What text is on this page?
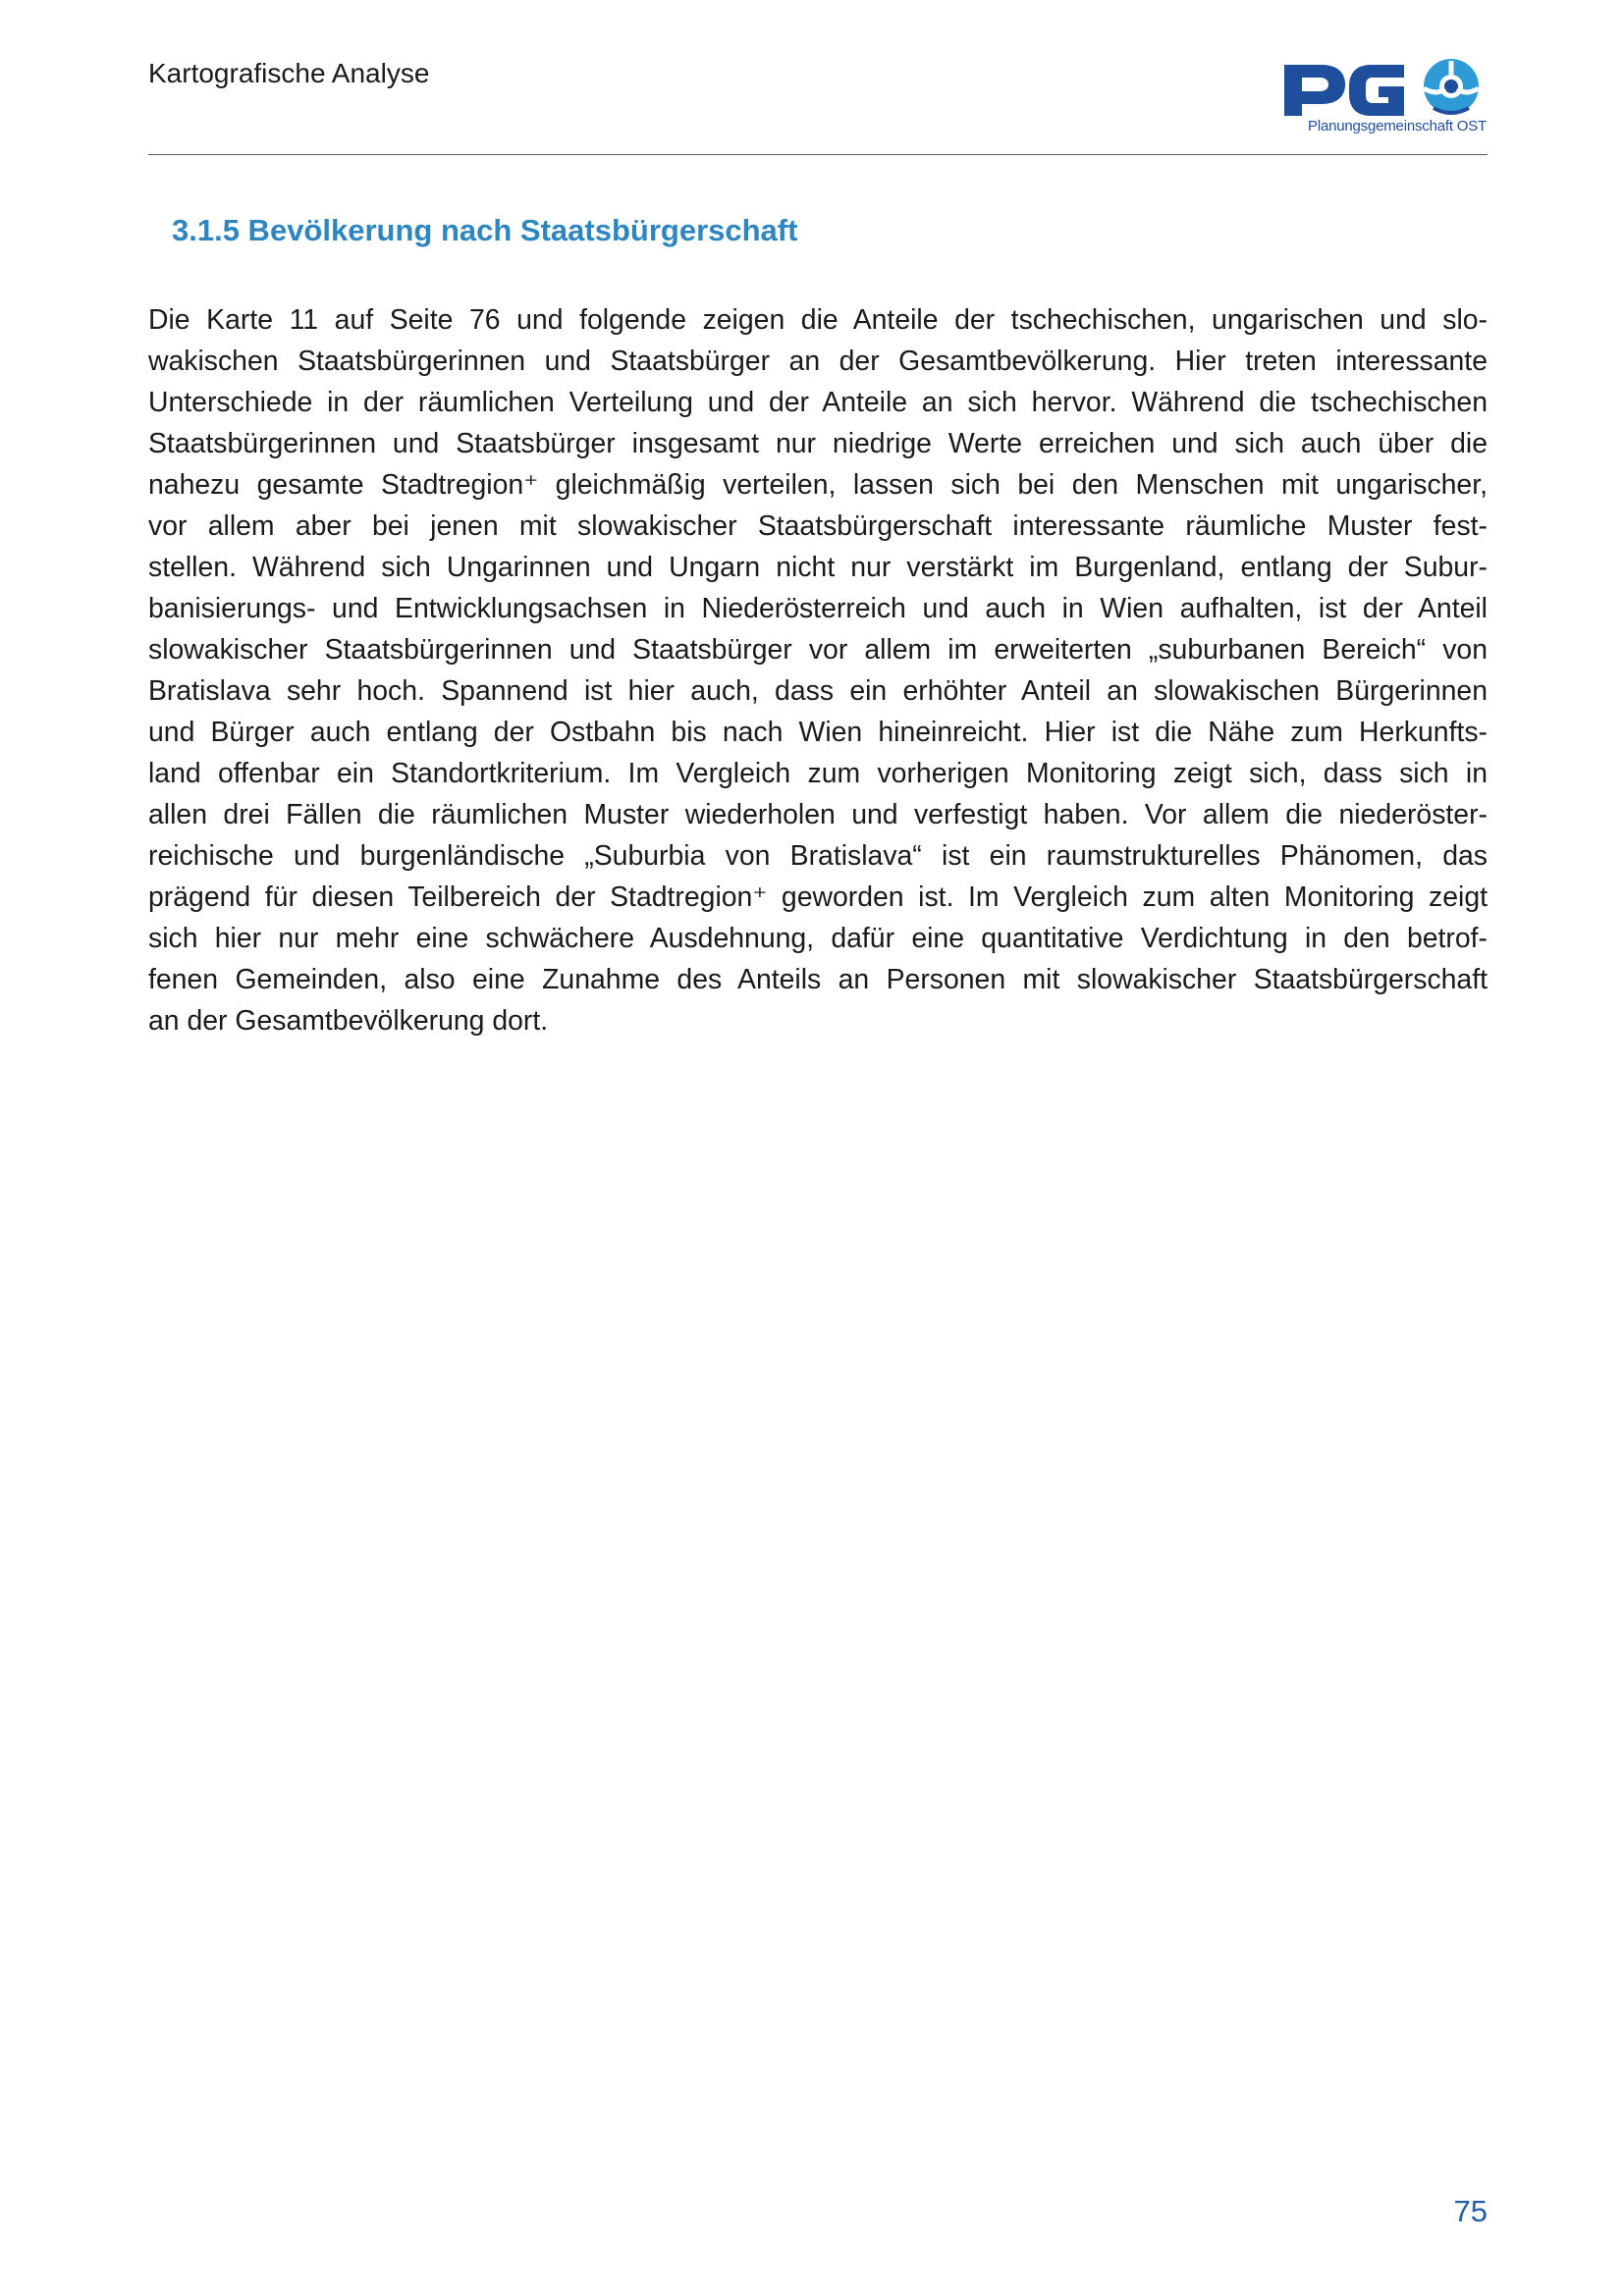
Kartografische Analyse
Planungsgemeinschaft OST
3.1.5 Bevölkerung nach Staatsbürgerschaft

Die Karte 11 auf Seite 76 und folgende zeigen die Anteile der tschechischen, ungarischen und slo-
wakischen Staatsbürgerinnen und Staatsbürger an der Gesamtbevölkerung. Hier treten interessante
Unterschiede in der räumlichen Verteilung und der Anteile an sich hervor. Während die tschechischen
Staatsbürgerinnen und Staatsbürger insgesamt nur niedrige Werte erreichen und sich auch über die
nahezu gesamte Stadtregion⁺ gleichmäßig verteilen, lassen sich bei den Menschen mit ungarischer,
vor allem aber bei jenen mit slowakischer Staatsbürgerschaft interessante räumliche Muster fest-
stellen. Während sich Ungarinnen und Ungarn nicht nur verstärkt im Burgenland, entlang der Subur-
banisierungs- und Entwicklungsachsen in Niederösterreich und auch in Wien aufhalten, ist der Anteil
slowakischer Staatsbürgerinnen und Staatsbürger vor allem im erweiterten „suburbanen Bereich“ von
Bratislava sehr hoch. Spannend ist hier auch, dass ein erhöhter Anteil an slowakischen Bürgerinnen
und Bürger auch entlang der Ostbahn bis nach Wien hineinreicht. Hier ist die Nähe zum Herkunfts-
land offenbar ein Standortkriterium. Im Vergleich zum vorherigen Monitoring zeigt sich, dass sich in
allen drei Fällen die räumlichen Muster wiederholen und verfestigt haben. Vor allem die niederöster-
reichische und burgenländische „Suburbia von Bratislava“ ist ein raumstrukturelles Phänomen, das
prägend für diesen Teilbereich der Stadtregion⁺ geworden ist. Im Vergleich zum alten Monitoring zeigt
sich hier nur mehr eine schwächere Ausdehnung, dafür eine quantitative Verdichtung in den betrof-
fenen Gemeinden, also eine Zunahme des Anteils an Personen mit slowakischer Staatsbürgerschaft
an der Gesamtbevölkerung dort.

75
